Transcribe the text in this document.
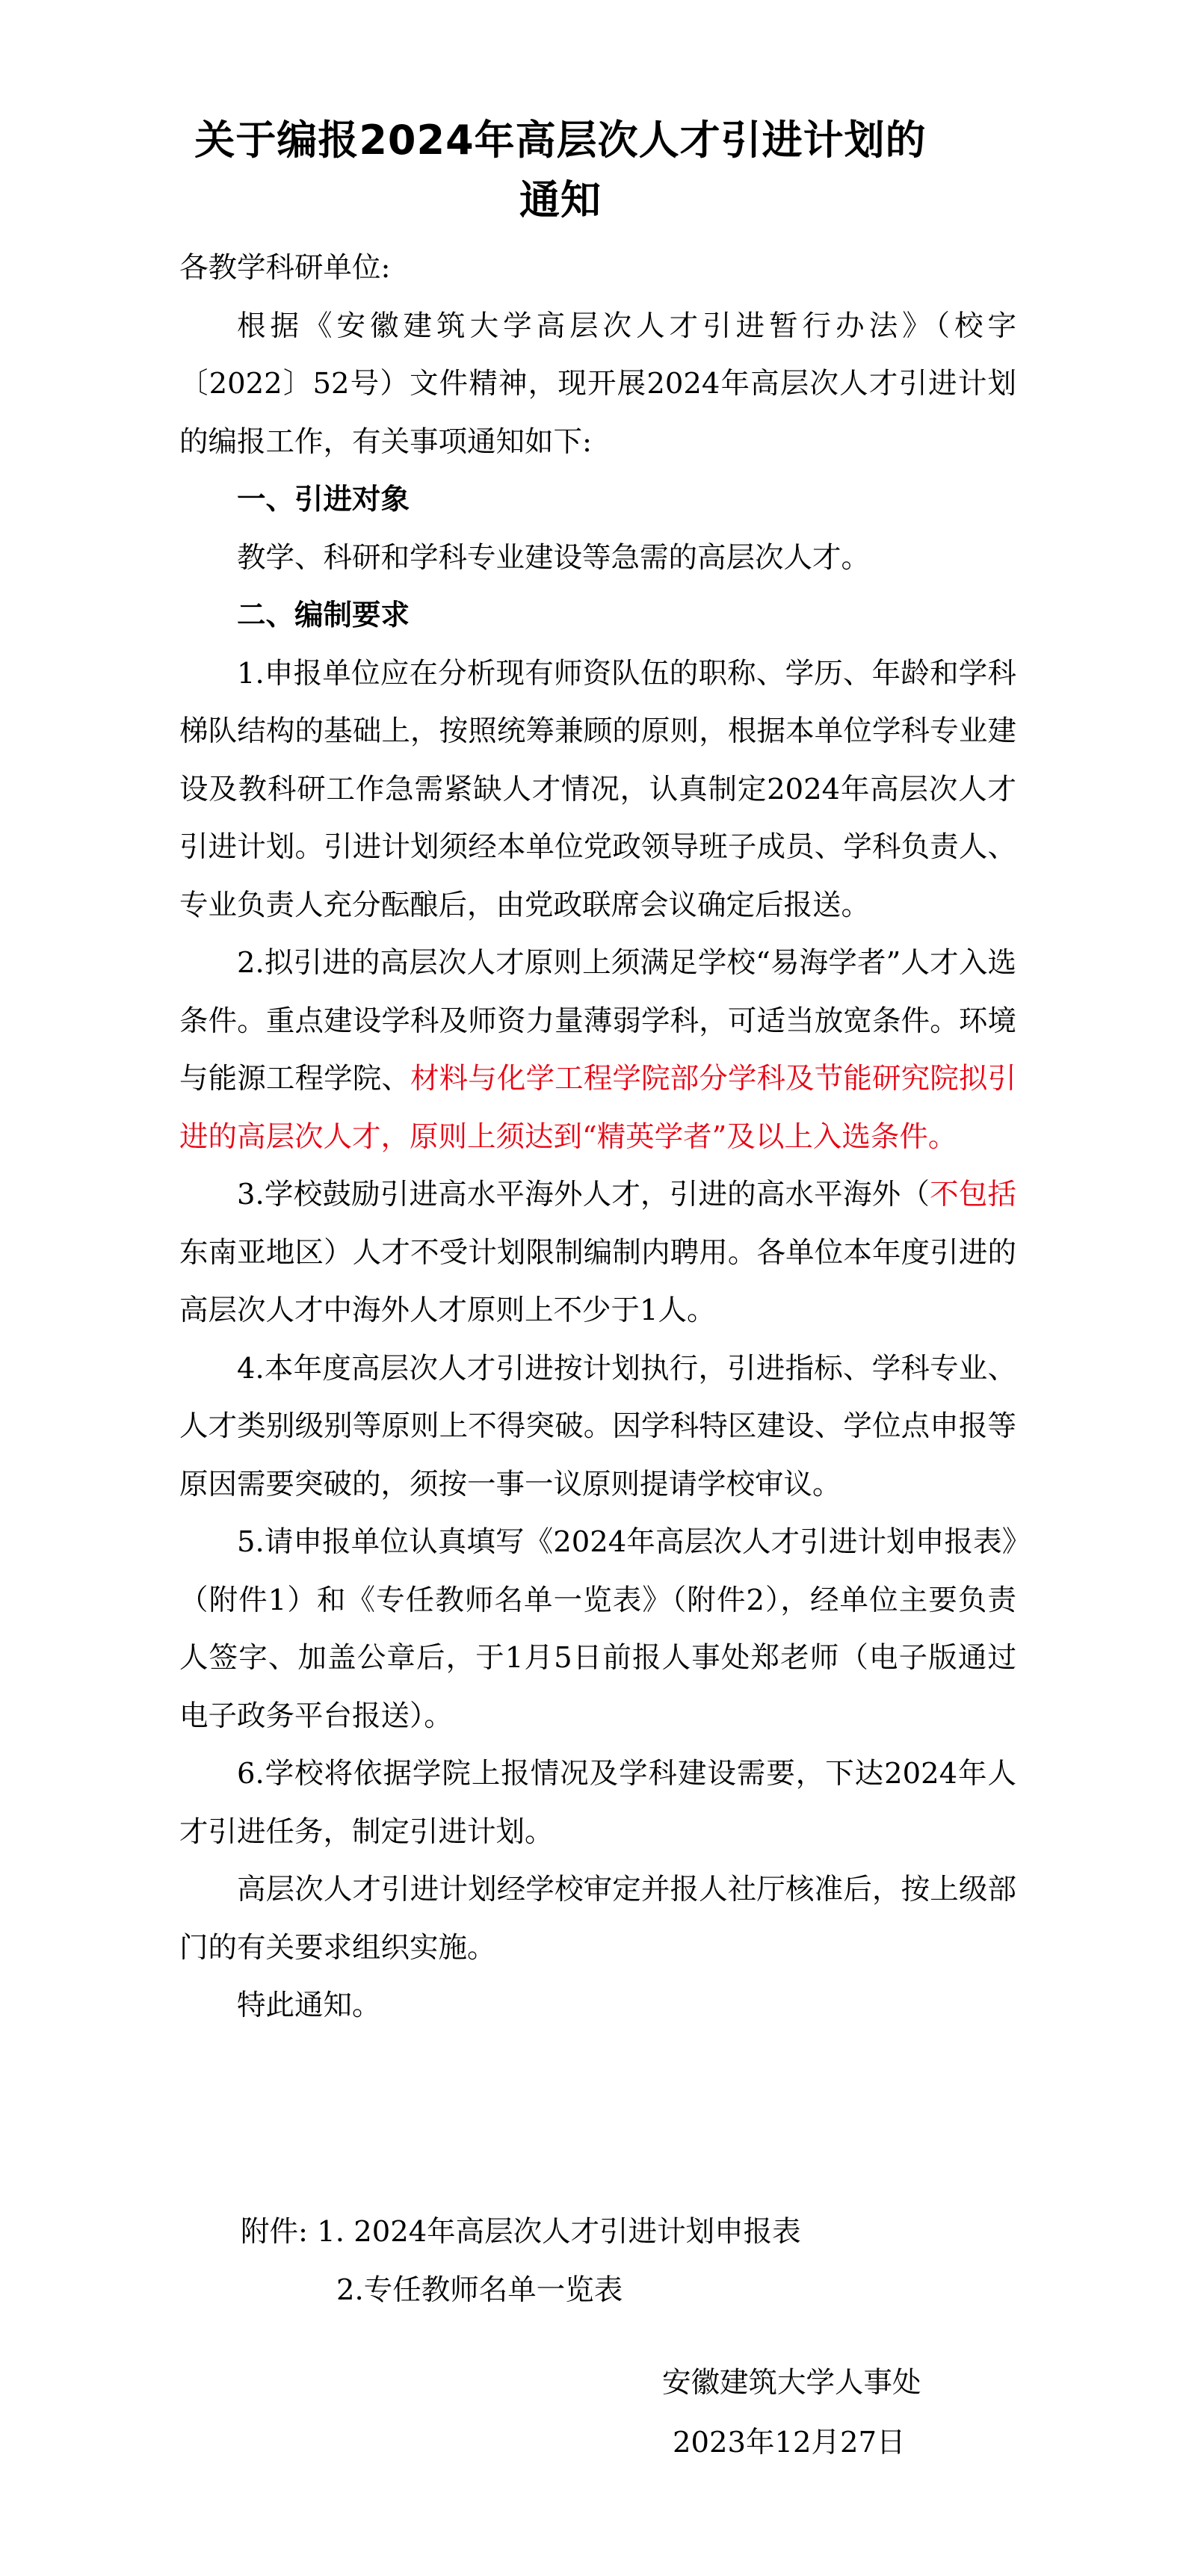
关于编报2024年高层次人才引进计划的
通知

各教学科研单位:

根据《安徽建筑大学高层次人才引进暂行办法》（校字〔2022〕52号）文件精神，现开展2024年高层次人才引进计划的编报工作，有关事项通知如下:

一、引进对象

教学、科研和学科专业建设等急需的高层次人才。

二、编制要求

1.申报单位应在分析现有师资队伍的职称、学历、年龄和学科梯队结构的基础上，按照统筹兼顾的原则，根据本单位学科专业建设及教科研工作急需紧缺人才情况，认真制定2024年高层次人才引进计划。引进计划须经本单位党政领导班子成员、学科负责人、专业负责人充分酝酿后，由党政联席会议确定后报送。

2.拟引进的高层次人才原则上须满足学校“易海学者”人才入选条件。重点建设学科及师资力量薄弱学科，可适当放宽条件。环境与能源工程学院、材料与化学工程学院部分学科及节能研究院拟引进的高层次人才，原则上须达到“精英学者”及以上入选条件。

3.学校鼓励引进高水平海外人才，引进的高水平海外（不包括东南亚地区）人才不受计划限制编制内聘用。各单位本年度引进的高层次人才中海外人才原则上不少于1人。

4.本年度高层次人才引进按计划执行，引进指标、学科专业、人才类别级别等原则上不得突破。因学科特区建设、学位点申报等原因需要突破的，须按一事一议原则提请学校审议。

5.请申报单位认真填写《2024年高层次人才引进计划申报表》（附件1）和《专任教师名单一览表》（附件2），经单位主要负责人签字、加盖公章后，于1月5日前报人事处郑老师（电子版通过电子政务平台报送）。

6.学校将依据学院上报情况及学科建设需要，下达2024年人才引进任务，制定引进计划。

高层次人才引进计划经学校审定并报人社厅核准后，按上级部门的有关要求组织实施。

特此通知。

附件: 1. 2024年高层次人才引进计划申报表
2.专任教师名单一览表
安徽建筑大学人事处
2023年12月27日
